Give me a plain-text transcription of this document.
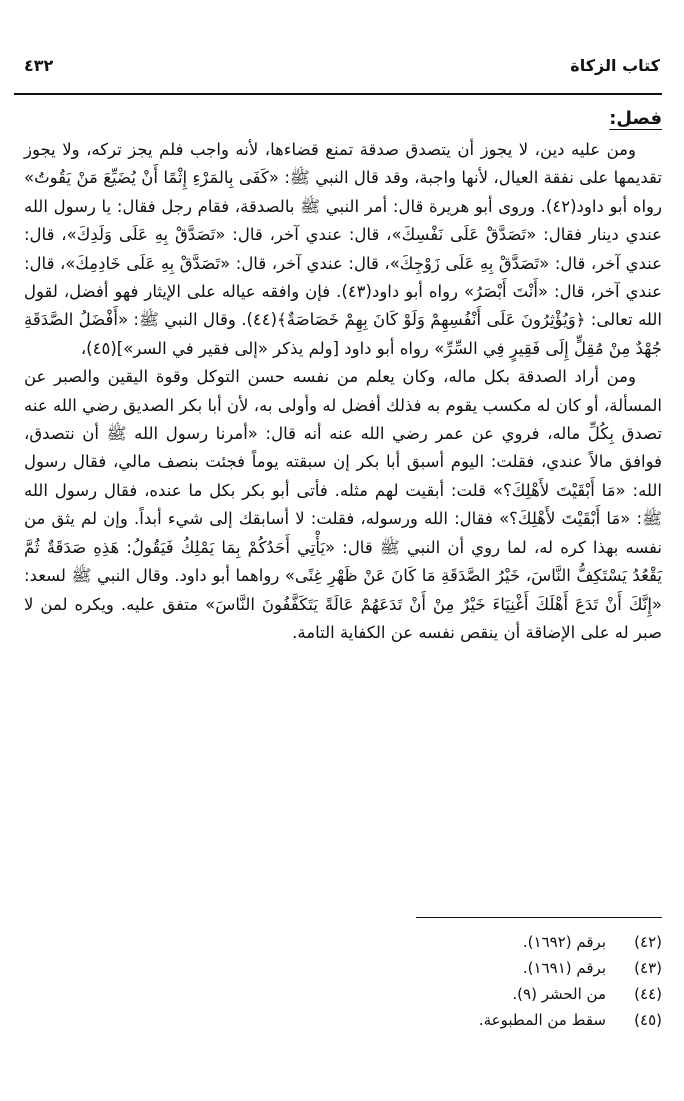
كتاب الزكاة
٤٣٢
فصل:

ومن عليه دين، لا يجوز أن يتصدق صدقة تمنع قضاءها، لأنه واجب فلم يجز تركه، ولا يجوز تقديمها على نفقة العيال، لأنها واجبة، وقد قال النبي ﷺ: «كَفَى بِالمَرْءِ إِثْمًا أَنْ يُضَيِّعَ مَنْ يَقُوتُ» رواه أبو داود(٤٢). وروى أبو هريرة قال: أمر النبي ﷺ بالصدقة، فقام رجل فقال: يا رسول الله عندي دينار فقال: «تَصَدَّقْ عَلَى نَفْسِكَ»، قال: عندي آخر، قال: «تَصَدَّقْ بِهِ عَلَى وَلَدِكَ»، قال: عندي آخر، قال: «تَصَدَّقْ بِهِ عَلَى زَوْجِكَ»، قال: عندي آخر، قال: «تَصَدَّقْ بِهِ عَلَى خَادِمِكَ»، قال: عندي آخر، قال: «أَنْتَ أَبْصَرُ» رواه أبو داود(٤٣). فإن وافقه عياله على الإيثار فهو أفضل، لقول الله تعالى: ﴿وَيُؤْثِرُونَ عَلَى أَنْفُسِهِمْ وَلَوْ كَانَ بِهِمْ خَصَاصَةٌ﴾(٤٤). وقال النبي ﷺ: «أَفْضَلُ الصَّدَقَةِ جُهْدٌ مِنْ مُقِلٍّ إِلَى فَقِيرٍ فِي السِّرِّ» رواه أبو داود [ولم يذكر «إلى فقير في السر»](٤٥)،

ومن أراد الصدقة بكل ماله، وكان يعلم من نفسه حسن التوكل وقوة اليقين والصبر عن المسألة، أو كان له مكسب يقوم به فذلك أفضل له وأولى به، لأن أبا بكر الصديق رضي الله عنه تصدق بِكُلِّ ماله، فروي عن عمر رضي الله عنه أنه قال: «أمرنا رسول الله ﷺ أن نتصدق، فوافق مالاً عندي، فقلت: اليوم أسبق أبا بكر إن سبقته يوماً فجئت بنصف مالي، فقال رسول الله: «مَا أَبْقَيْتَ لأَهْلِكَ؟» قلت: أبقيت لهم مثله. فأتى أبو بكر بكل ما عنده، فقال رسول الله ﷺ: «مَا أَبْقَيْتَ لأَهْلِكَ؟» فقال: الله ورسوله، فقلت: لا أسابقك إلى شيء أبداً. وإن لم يثق من نفسه بهذا كره له، لما روي أن النبي ﷺ قال: «يَأْتِي أَحَدُكُمْ بِمَا يَمْلِكُ فَيَقُولُ: هَذِهِ صَدَقَةٌ ثُمَّ يَقْعُدُ يَسْتَكِفُّ النَّاسَ، خَيْرُ الصَّدَقَةِ مَا كَانَ عَنْ ظَهْرِ غِنًى» رواهما أبو داود. وقال النبي ﷺ لسعد: «إِنَّكَ أَنْ تَدَعَ أَهْلَكَ أَغْنِيَاءَ خَيْرٌ مِنْ أَنْ تَدَعَهُمْ عَالَةً يَتَكَفَّفُونَ النَّاسَ» متفق عليه. ويكره لمن لا صبر له على الإضاقة أن ينقص نفسه عن الكفاية التامة.

(٤٢)
برقم (١٦٩٢).
(٤٣)
برقم (١٦٩١).
(٤٤)
من الحشر (٩).
(٤٥)
سقط من المطبوعة.
